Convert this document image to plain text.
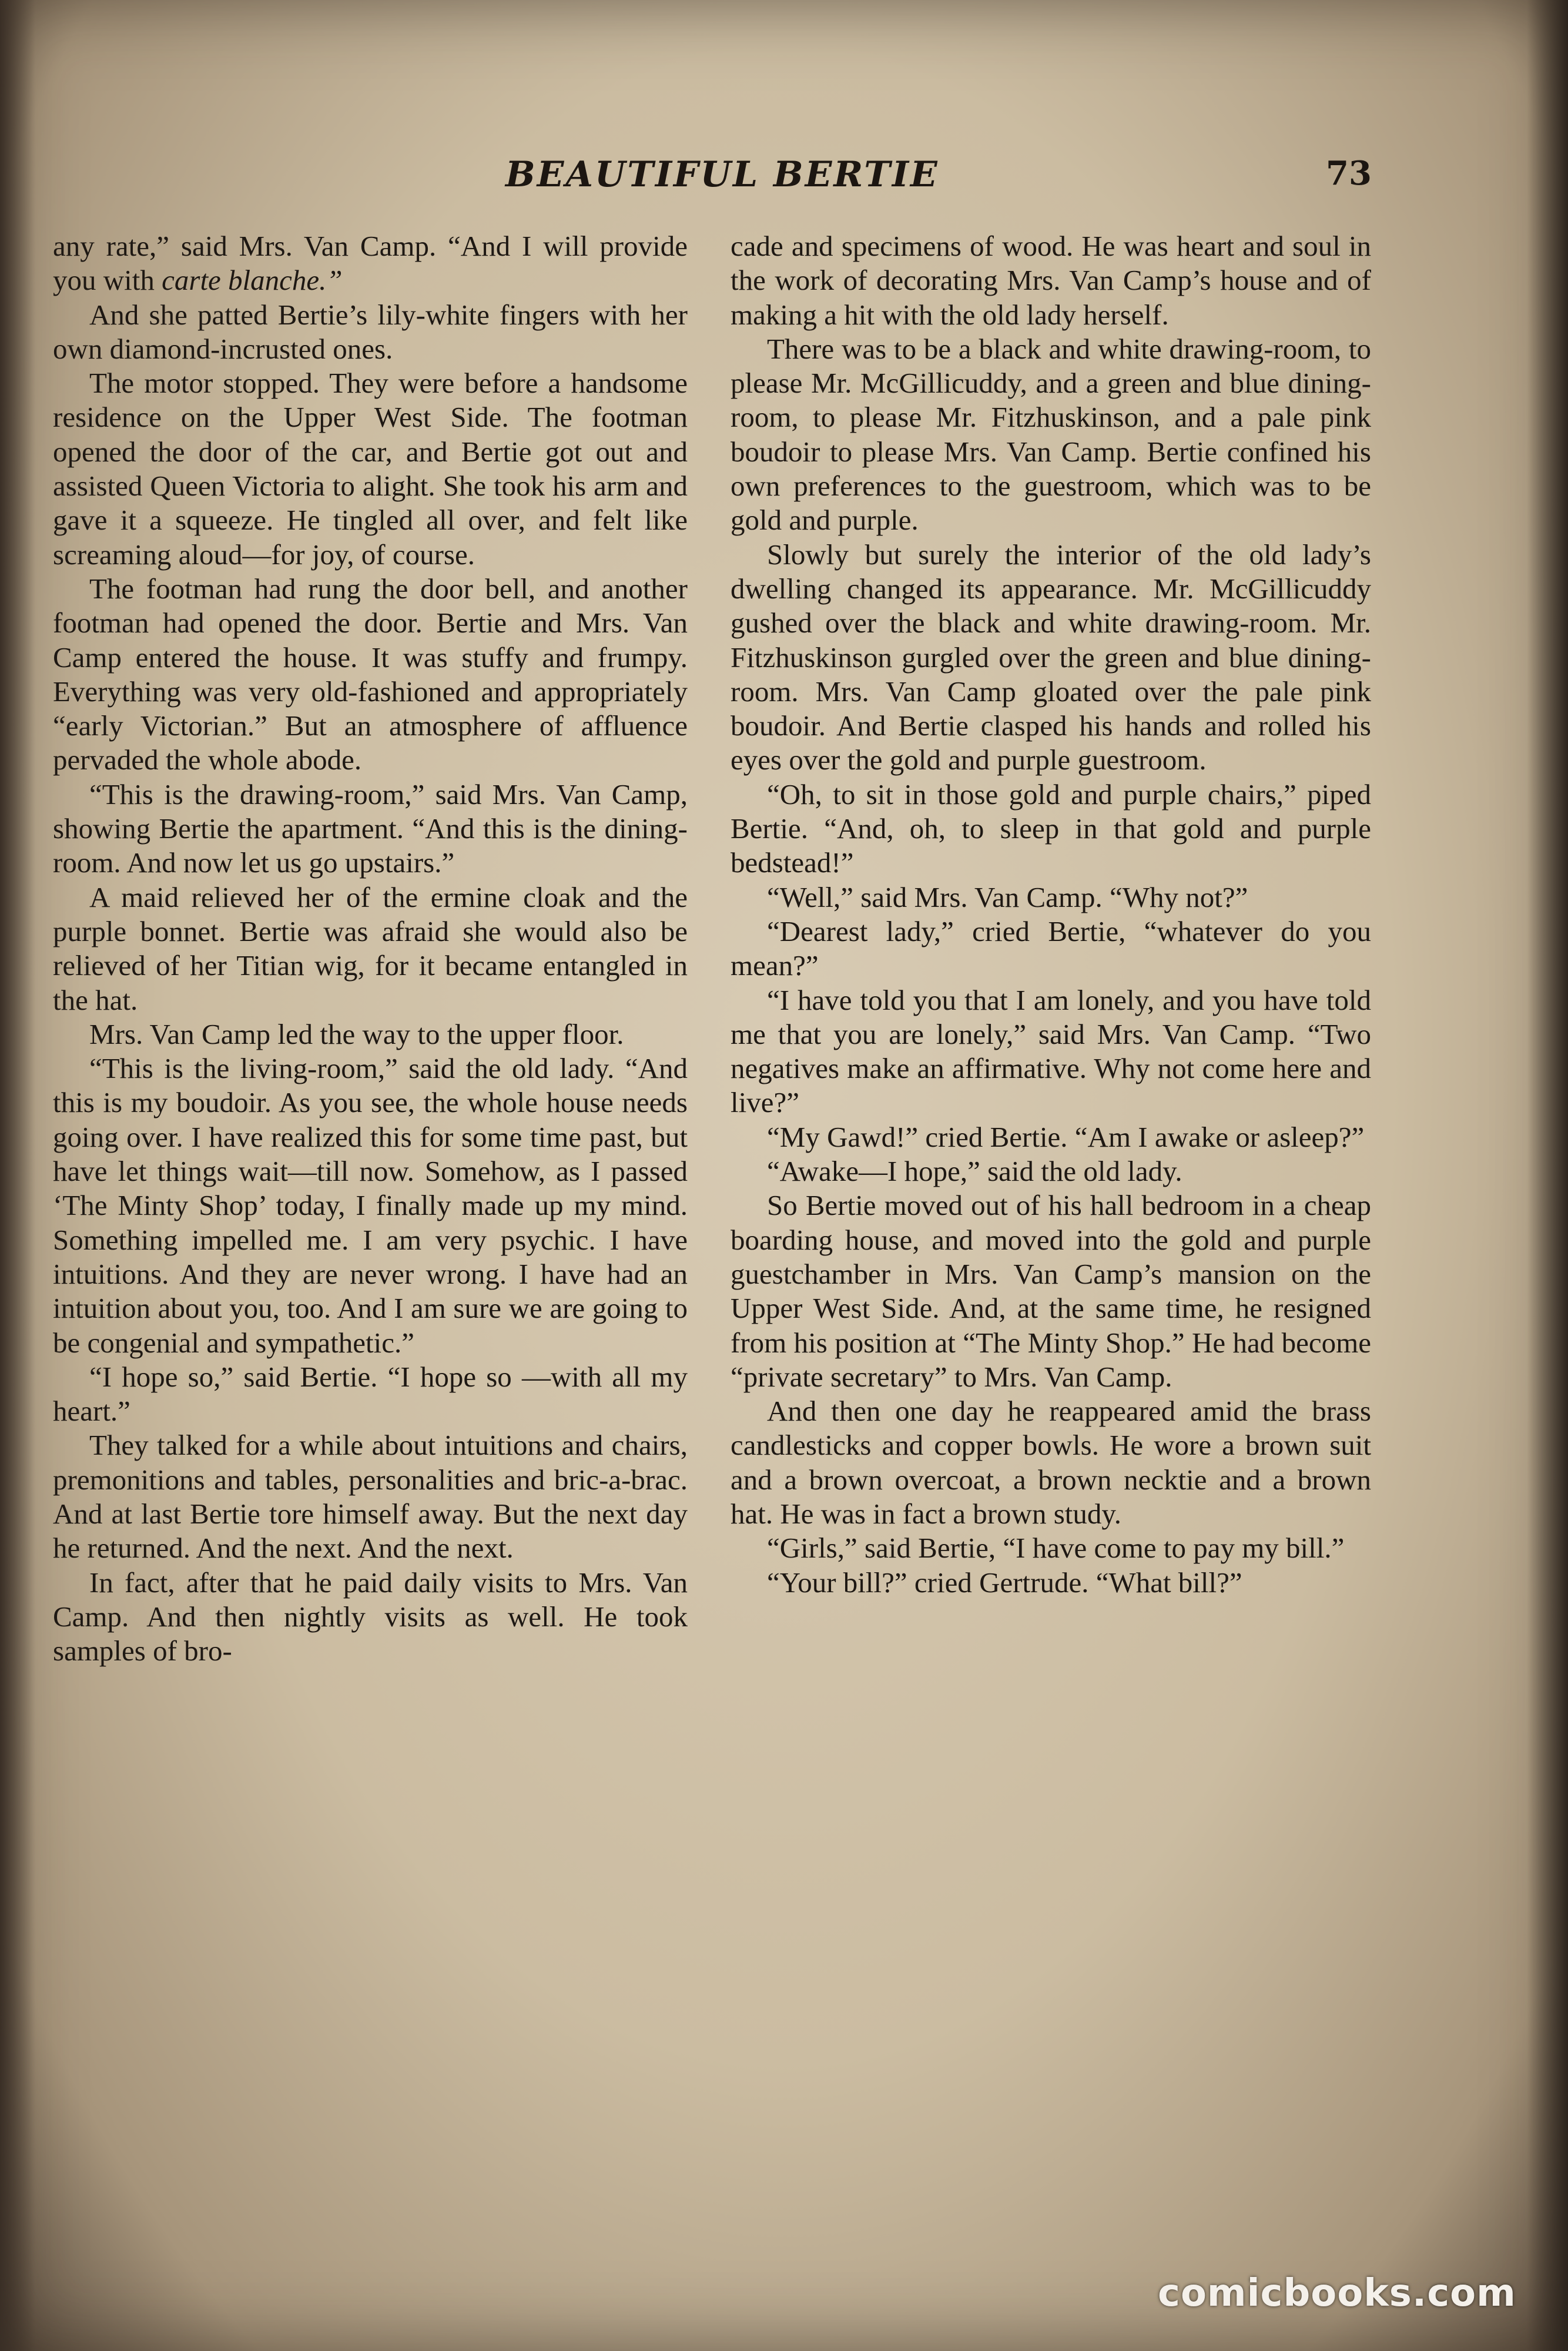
BEAUTIFUL BERTIE	73

any rate,” said Mrs. Van Camp. “And I will provide you with carte blanche.”

And she patted Bertie’s lily-white fingers with her own diamond-incrusted ones.

The motor stopped. They were before a handsome residence on the Upper West Side. The footman opened the door of the car, and Bertie got out and assisted Queen Victoria to alight. She took his arm and gave it a squeeze. He tingled all over, and felt like screaming aloud—for joy, of course.

The footman had rung the door bell, and another footman had opened the door. Bertie and Mrs. Van Camp entered the house. It was stuffy and frumpy. Everything was very old-fashioned and appropriately “early Victorian.” But an atmosphere of affluence pervaded the whole abode.

“This is the drawing-room,” said Mrs. Van Camp, showing Bertie the apartment. “And this is the dining-room. And now let us go upstairs.”

A maid relieved her of the ermine cloak and the purple bonnet. Bertie was afraid she would also be relieved of her Titian wig, for it became entangled in the hat.

Mrs. Van Camp led the way to the upper floor.

“This is the living-room,” said the old lady. “And this is my boudoir. As you see, the whole house needs going over. I have realized this for some time past, but have let things wait—till now. Somehow, as I passed ‘The Minty Shop’ today, I finally made up my mind. Something impelled me. I am very psychic. I have intuitions. And they are never wrong. I have had an intuition about you, too. And I am sure we are going to be congenial and sympathetic.”

“I hope so,” said Bertie. “I hope so —with all my heart.”

They talked for a while about intuitions and chairs, premonitions and tables, personalities and bric-a-brac. And at last Bertie tore himself away. But the next day he returned. And the next. And the next.

In fact, after that he paid daily visits to Mrs. Van Camp. And then nightly visits as well. He took samples of bro-

cade and specimens of wood. He was heart and soul in the work of decorating Mrs. Van Camp’s house and of making a hit with the old lady herself.

There was to be a black and white drawing-room, to please Mr. McGillicuddy, and a green and blue dining-room, to please Mr. Fitzhuskinson, and a pale pink boudoir to please Mrs. Van Camp. Bertie confined his own preferences to the guestroom, which was to be gold and purple.

Slowly but surely the interior of the old lady’s dwelling changed its appearance. Mr. McGillicuddy gushed over the black and white drawing-room. Mr. Fitzhuskinson gurgled over the green and blue dining-room. Mrs. Van Camp gloated over the pale pink boudoir. And Bertie clasped his hands and rolled his eyes over the gold and purple guestroom.

“Oh, to sit in those gold and purple chairs,” piped Bertie. “And, oh, to sleep in that gold and purple bedstead!”

“Well,” said Mrs. Van Camp. “Why not?”

“Dearest lady,” cried Bertie, “whatever do you mean?”

“I have told you that I am lonely, and you have told me that you are lonely,” said Mrs. Van Camp. “Two negatives make an affirmative. Why not come here and live?”

“My Gawd!” cried Bertie. “Am I awake or asleep?”

“Awake—I hope,” said the old lady.

So Bertie moved out of his hall bedroom in a cheap boarding house, and moved into the gold and purple guestchamber in Mrs. Van Camp’s mansion on the Upper West Side. And, at the same time, he resigned from his position at “The Minty Shop.” He had become “private secretary” to Mrs. Van Camp.

And then one day he reappeared amid the brass candlesticks and copper bowls. He wore a brown suit and a brown overcoat, a brown necktie and a brown hat. He was in fact a brown study.

“Girls,” said Bertie, “I have come to pay my bill.”

“Your bill?” cried Gertrude. “What bill?”

comicbooks.com
